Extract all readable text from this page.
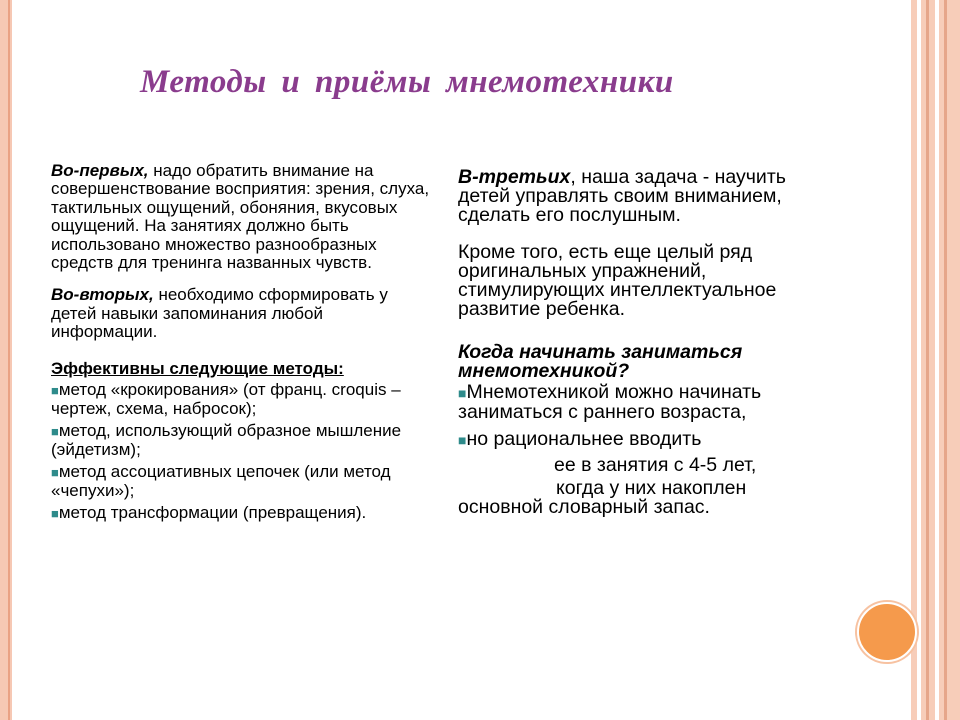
Методы и приёмы мнемотехники

Во-первых, надо обратить внимание на совершенствование восприятия: зрения, слуха, тактильных ощущений, обоняния, вкусовых ощущений. На занятиях должно быть использовано множество разнообразных средств для тренинга названных чувств.

Во-вторых, необходимо сформировать у детей навыки запоминания любой информации.

Эффективны следующие методы:

■метод «крокирования» (от франц. croquis – чертеж, схема, набросок);

■метод, использующий образное мышление (эйдетизм);

■метод ассоциативных цепочек (или метод «чепухи»);

■метод трансформации (превращения).

В-третьих, наша задача - научить детей управлять своим вниманием, сделать его послушным.

Кроме того, есть еще целый ряд оригинальных упражнений, стимулирующих интеллектуальное развитие ребенка.

Когда начинать заниматься мнемотехникой?

■Мнемотехникой можно начинать заниматься с раннего возраста,

■но рациональнее вводить

ее в занятия с 4-5 лет,

когда у них накоплен

основной словарный запас.
